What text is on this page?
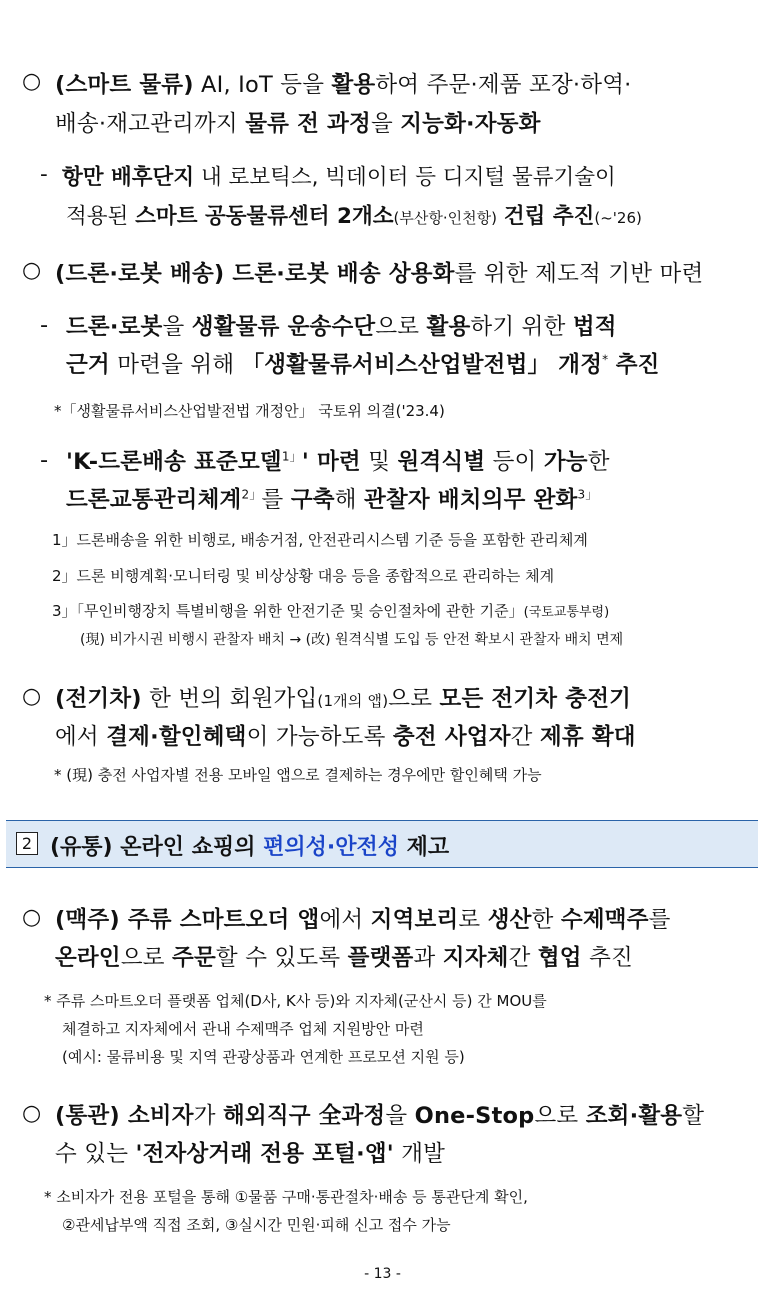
○ (스마트 물류) AI, IoT 등을 활용하여 주문·제품 포장·하역·
배송·재고관리까지 물류 전 과정을 지능화·자동화
- 항만 배후단지 내 로보틱스, 빅데이터 등 디지털 물류기술이
적용된 스마트 공동물류센터 2개소(부산항·인천항) 건립 추진(~'26)
○ (드론·로봇 배송) 드론·로봇 배송 상용화를 위한 제도적 기반 마련
- 드론·로봇을 생활물류 운송수단으로 활용하기 위한 법적
근거 마련을 위해 「생활물류서비스산업발전법」 개정* 추진
*「생활물류서비스산업발전법 개정안」 국토위 의결('23.4)
- 'K-드론배송 표준모델$^{1」}$' 마련 및 원격식별 등이 가능한
드론교통관리체계$^{2」}$를 구축해 관찰자 배치의무 완화$^{3」}$
1」드론배송을 위한 비행로, 배송거점, 안전관리시스템 기준 등을 포함한 관리체계
2」드론 비행계획·모니터링 및 비상상황 대응 등을 종합적으로 관리하는 체계
3」「무인비행장치 특별비행을 위한 안전기준 및 승인절차에 관한 기준」(국토교통부령)
(現) 비가시권 비행시 관찰자 배치 → (改) 원격식별 도입 등 안전 확보시 관찰자 배치 면제
○ (전기차) 한 번의 회원가입(1개의 앱)으로 모든 전기차 충전기
에서 결제·할인혜택이 가능하도록 충전 사업자간 제휴 확대
* (現) 충전 사업자별 전용 모바일 앱으로 결제하는 경우에만 할인혜택 가능
2 (유통) 온라인 쇼핑의 편의성·안전성 제고
○ (맥주) 주류 스마트오더 앱에서 지역보리로 생산한 수제맥주를
온라인으로 주문할 수 있도록 플랫폼과 지자체간 협업 추진
* 주류 스마트오더 플랫폼 업체(D사, K사 등)와 지자체(군산시 등) 간 MOU를
체결하고 지자체에서 관내 수제맥주 업체 지원방안 마련
(예시: 물류비용 및 지역 관광상품과 연계한 프로모션 지원 등)
○ (통관) 소비자가 해외직구 全과정을 One-Stop으로 조회·활용할
수 있는 '전자상거래 전용 포털·앱' 개발
* 소비자가 전용 포털을 통해 ①물품 구매·통관절차·배송 등 통관단계 확인,
②관세납부액 직접 조회, ③실시간 민원·피해 신고 접수 가능
- 13 -
